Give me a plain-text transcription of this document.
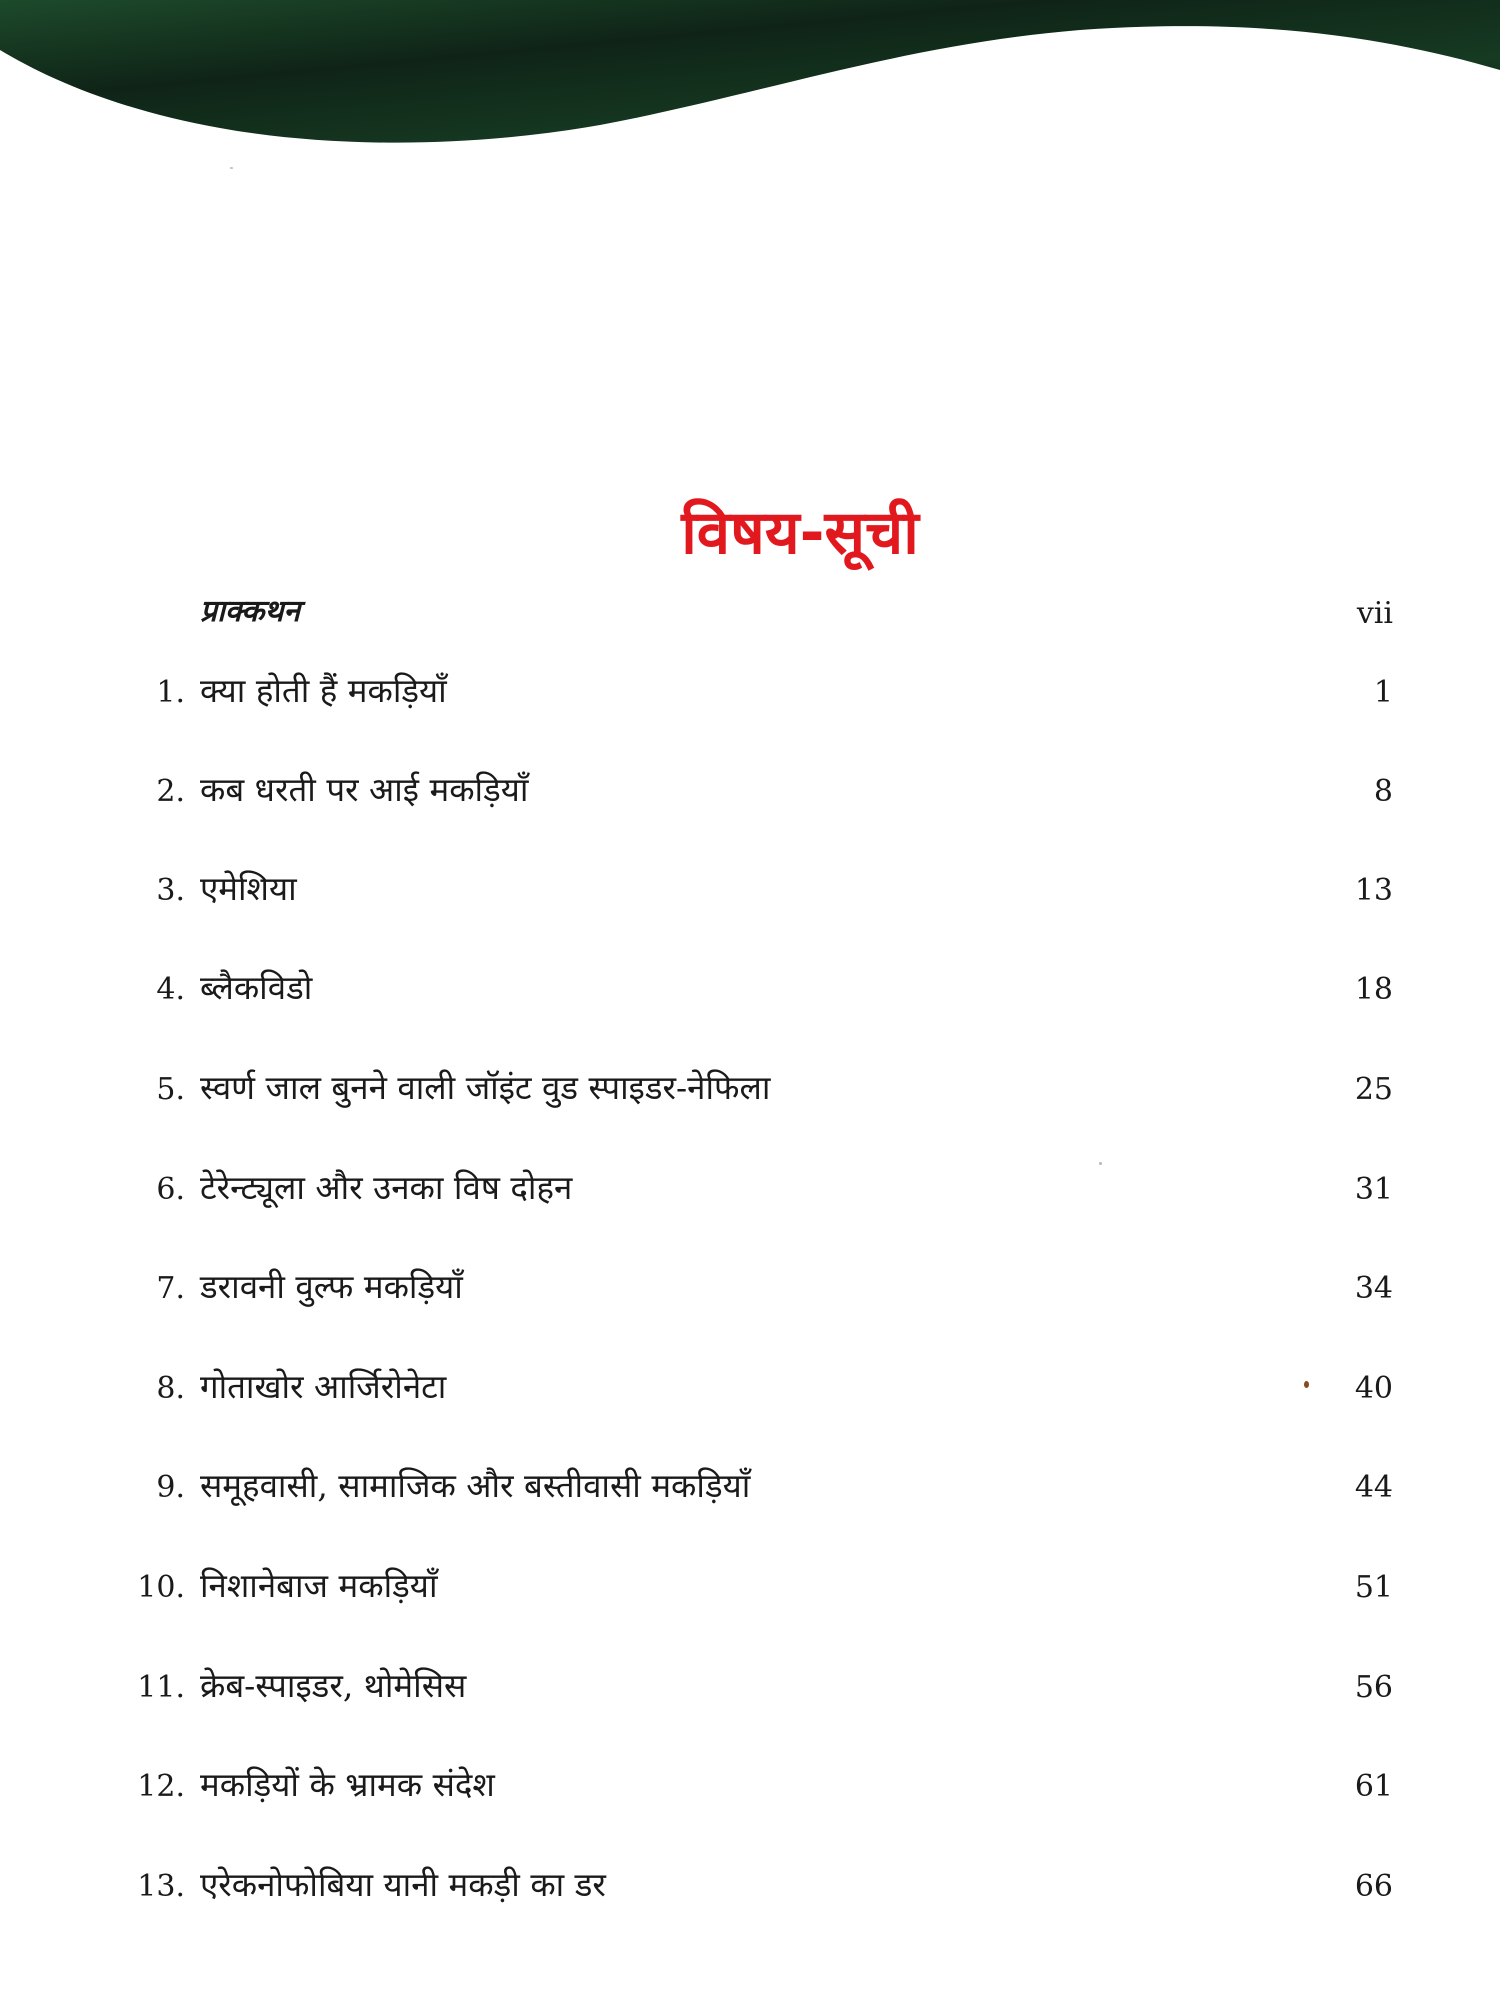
विषय-सूची
प्राक्कथन	vii
1. क्या होती हैं मकड़ियाँ	1
2. कब धरती पर आई मकड़ियाँ	8
3. एमेशिया	13
4. ब्लैकविडो	18
5. स्वर्ण जाल बुनने वाली जॉइंट वुड स्पाइडर-नेफिला	25
6. टेरेन्ट्यूला और उनका विष दोहन	31
7. डरावनी वुल्फ मकड़ियाँ	34
8. गोताखोर आर्जिरोनेटा	40
9. समूहवासी, सामाजिक और बस्तीवासी मकड़ियाँ	44
10. निशानेबाज मकड़ियाँ	51
11. क्रेब-स्पाइडर, थोमेसिस	56
12. मकड़ियों के भ्रामक संदेश	61
13. एरेकनोफोबिया यानी मकड़ी का डर	66
